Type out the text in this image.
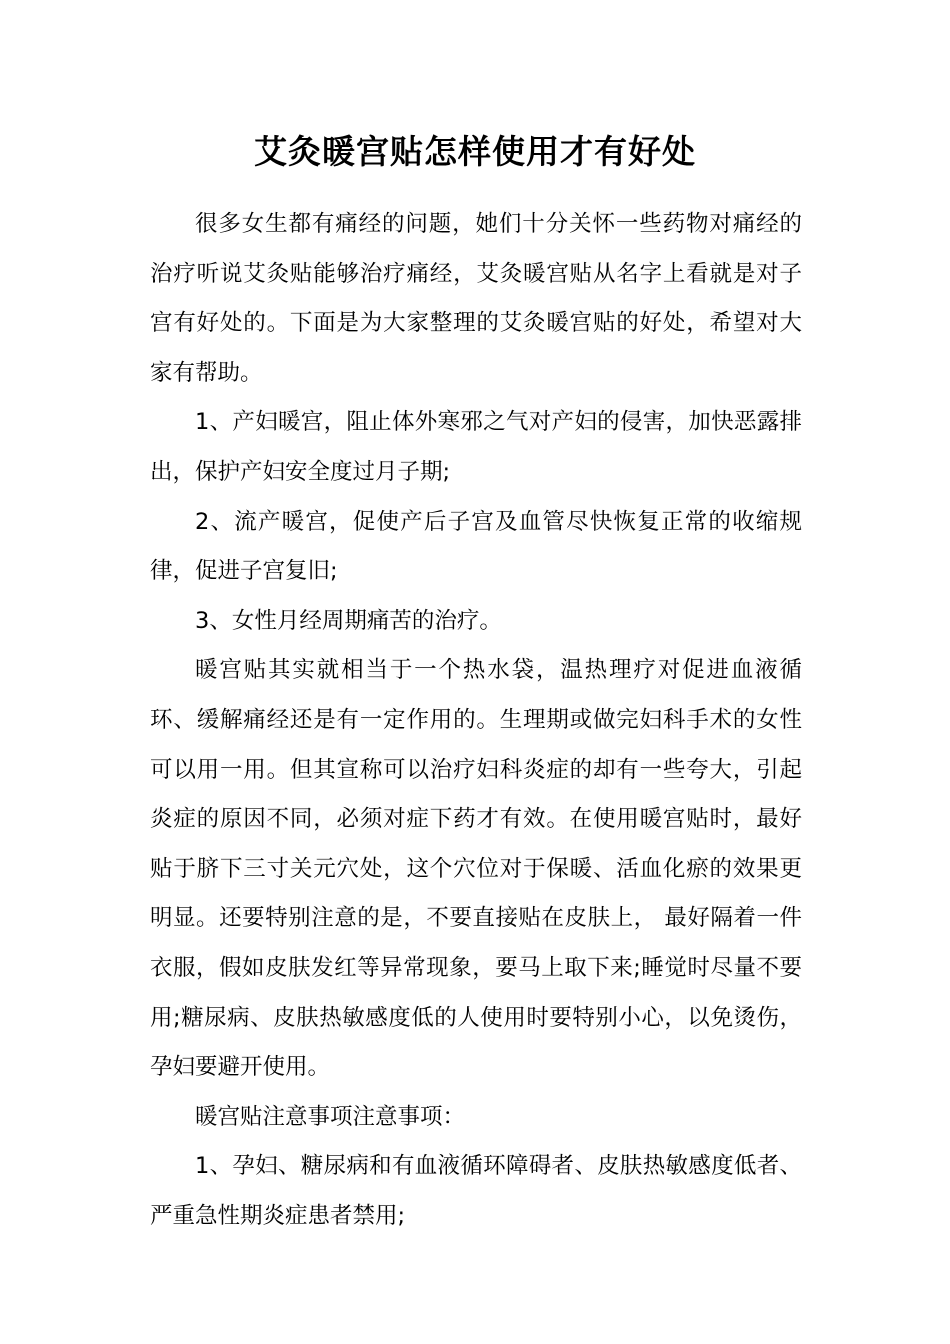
艾灸暖宫贴怎样使用才有好处

很多女生都有痛经的问题，她们十分关怀一些药物对痛经的治疗听说艾灸贴能够治疗痛经，艾灸暖宫贴从名字上看就是对子宫有好处的。下面是为大家整理的艾灸暖宫贴的好处，希望对大家有帮助。

1、产妇暖宫，阻止体外寒邪之气对产妇的侵害，加快恶露排出，保护产妇安全度过月子期;

2、流产暖宫，促使产后子宫及血管尽快恢复正常的收缩规律，促进子宫复旧;

3、女性月经周期痛苦的治疗。

暖宫贴其实就相当于一个热水袋，温热理疗对促进血液循环、缓解痛经还是有一定作用的。生理期或做完妇科手术的女性可以用一用。但其宣称可以治疗妇科炎症的却有一些夸大，引起炎症的原因不同，必须对症下药才有效。在使用暖宫贴时，最好贴于脐下三寸关元穴处，这个穴位对于保暖、活血化瘀的效果更明显。还要特别注意的是，不要直接贴在皮肤上， 最好隔着一件衣服，假如皮肤发红等异常现象，要马上取下来;睡觉时尽量不要用;糖尿病、皮肤热敏感度低的人使用时要特别小心，以免烫伤，孕妇要避开使用。

暖宫贴注意事项注意事项：

1、孕妇、糖尿病和有血液循环障碍者、皮肤热敏感度低者、严重急性期炎症患者禁用;
